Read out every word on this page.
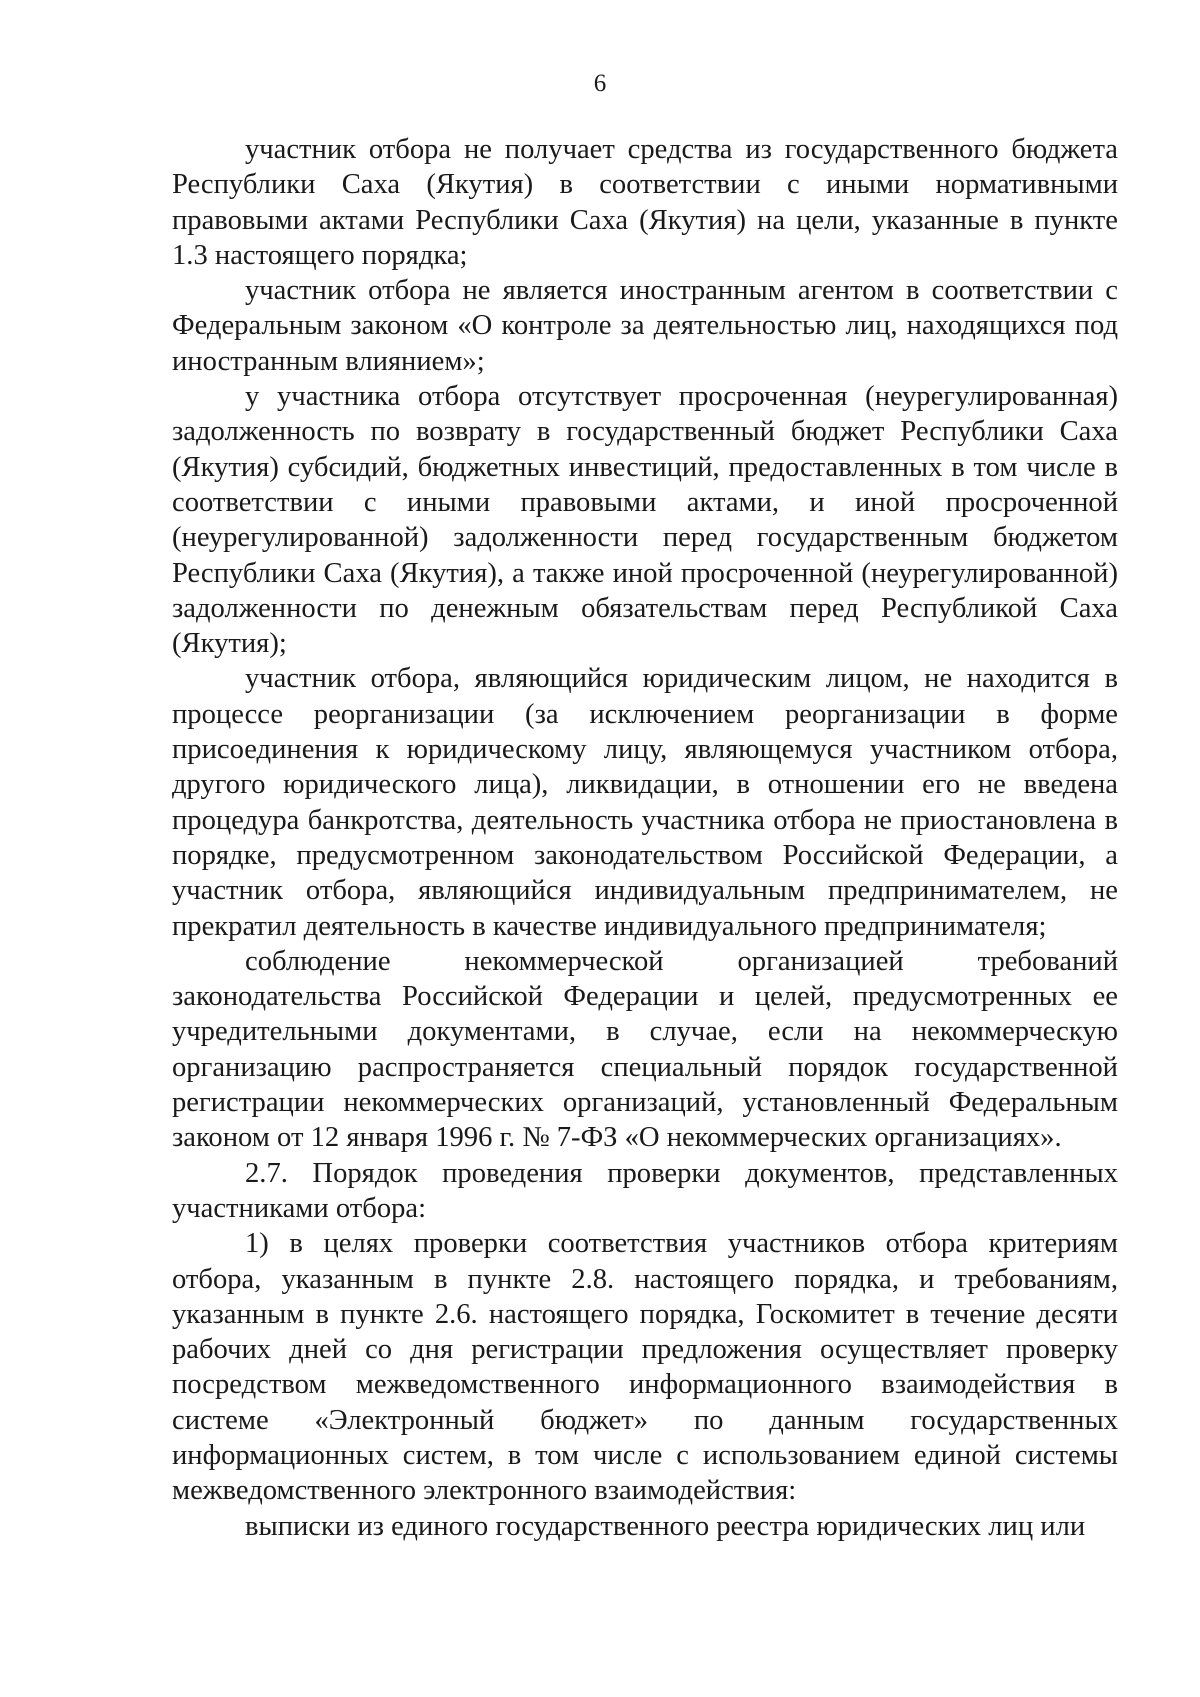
6

участник отбора не получает средства из государственного бюджета Республики Саха (Якутия) в соответствии с иными нормативными правовыми актами Республики Саха (Якутия) на цели, указанные в пункте 1.3 настоящего порядка;

участник отбора не является иностранным агентом в соответствии с Федеральным законом «О контроле за деятельностью лиц, находящихся под иностранным влиянием»;

у участника отбора отсутствует просроченная (неурегулированная) задолженность по возврату в государственный бюджет Республики Саха (Якутия) субсидий, бюджетных инвестиций, предоставленных в том числе в соответствии с иными правовыми актами, и иной просроченной (неурегулированной) задолженности перед государственным бюджетом Республики Саха (Якутия), а также иной просроченной (неурегулированной) задолженности по денежным обязательствам перед Республикой Саха (Якутия);

участник отбора, являющийся юридическим лицом, не находится в процессе реорганизации (за исключением реорганизации в форме присоединения к юридическому лицу, являющемуся участником отбора, другого юридического лица), ликвидации, в отношении его не введена процедура банкротства, деятельность участника отбора не приостановлена в порядке, предусмотренном законодательством Российской Федерации, а участник отбора, являющийся индивидуальным предпринимателем, не прекратил деятельность в качестве индивидуального предпринимателя;

соблюдение некоммерческой организацией требований законодательства Российской Федерации и целей, предусмотренных ее учредительными документами, в случае, если на некоммерческую организацию распространяется специальный порядок государственной регистрации некоммерческих организаций, установленный Федеральным законом от 12 января 1996 г. № 7-ФЗ «О некоммерческих организациях».

2.7. Порядок проведения проверки документов, представленных участниками отбора:

1) в целях проверки соответствия участников отбора критериям отбора, указанным в пункте 2.8. настоящего порядка, и требованиям, указанным в пункте 2.6. настоящего порядка, Госкомитет в течение десяти рабочих дней со дня регистрации предложения осуществляет проверку посредством межведомственного информационного взаимодействия в системе «Электронный бюджет» по данным государственных информационных систем, в том числе с использованием единой системы межведомственного электронного взаимодействия:

выписки из единого государственного реестра юридических лиц или
